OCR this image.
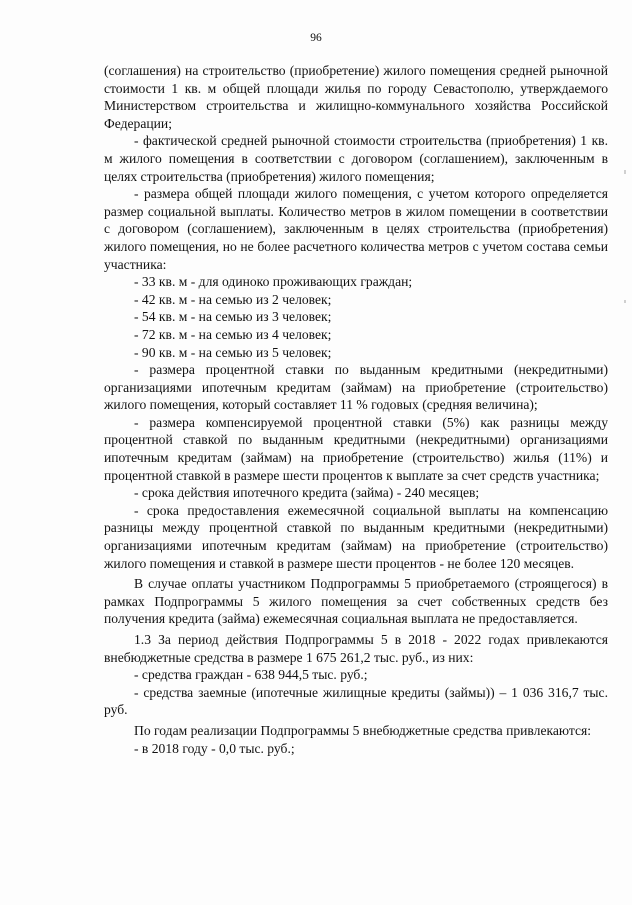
96

(соглашения) на строительство (приобретение) жилого помещения средней рыночной стоимости 1 кв. м общей площади жилья по городу Севастополю, утверждаемого Министерством строительства и жилищно-коммунального хозяйства Российской Федерации;

- фактической средней рыночной стоимости строительства (приобретения) 1 кв. м жилого помещения в соответствии с договором (соглашением), заключенным в целях строительства (приобретения) жилого помещения;

- размера общей площади жилого помещения, с учетом которого определяется размер социальной выплаты. Количество метров в жилом помещении в соответствии с договором (соглашением), заключенным в целях строительства (приобретения) жилого помещения, но не более расчетного количества метров с учетом состава семьи участника:

- 33 кв. м - для одиноко проживающих граждан;

- 42 кв. м - на семью из 2 человек;

- 54 кв. м - на семью из 3 человек;

- 72 кв. м - на семью из 4 человек;

- 90 кв. м - на семью из 5 человек;

- размера процентной ставки по выданным кредитными (некредитными) организациями ипотечным кредитам (займам) на приобретение (строительство) жилого помещения, который составляет 11 % годовых (средняя величина);

- размера компенсируемой процентной ставки (5%) как разницы между процентной ставкой по выданным кредитными (некредитными) организациями ипотечным кредитам (займам) на приобретение (строительство) жилья (11%) и процентной ставкой в размере шести процентов к выплате за счет средств участника;

- срока действия ипотечного кредита (займа) - 240 месяцев;

- срока предоставления ежемесячной социальной выплаты на компенсацию разницы между процентной ставкой по выданным кредитными (некредитными) организациями ипотечным кредитам (займам) на приобретение (строительство) жилого помещения и ставкой в размере шести процентов - не более 120 месяцев.

В случае оплаты участником Подпрограммы 5 приобретаемого (строящегося) в рамках Подпрограммы 5 жилого помещения за счет собственных средств без получения кредита (займа) ежемесячная социальная выплата не предоставляется.

1.3 За период действия Подпрограммы 5 в 2018 - 2022 годах привлекаются внебюджетные средства в размере 1 675 261,2 тыс. руб., из них:

- средства граждан - 638 944,5 тыс. руб.;

- средства заемные (ипотечные жилищные кредиты (займы)) – 1 036 316,7 тыс. руб.

По годам реализации Подпрограммы 5 внебюджетные средства привлекаются:

- в 2018 году - 0,0 тыс. руб.;
